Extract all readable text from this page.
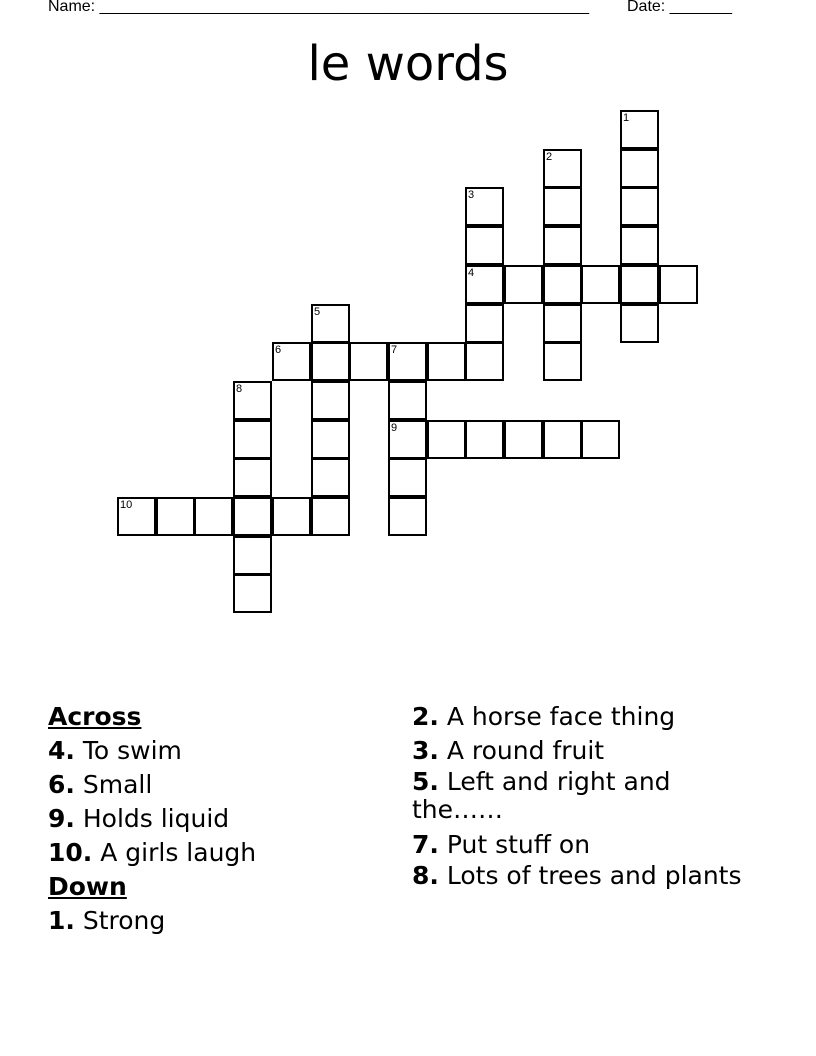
Name: _______________________________________________________ Date: _______
le words
1
2
3
4
5
6	7
9
8
10
Across
4. To swim
6. Small
9. Holds liquid
10. A girls laugh
Down
1. Strong
2. A horse face thing
3. A round fruit
5. Left and right and the……
7. Put stuff on
8. Lots of trees and plants
